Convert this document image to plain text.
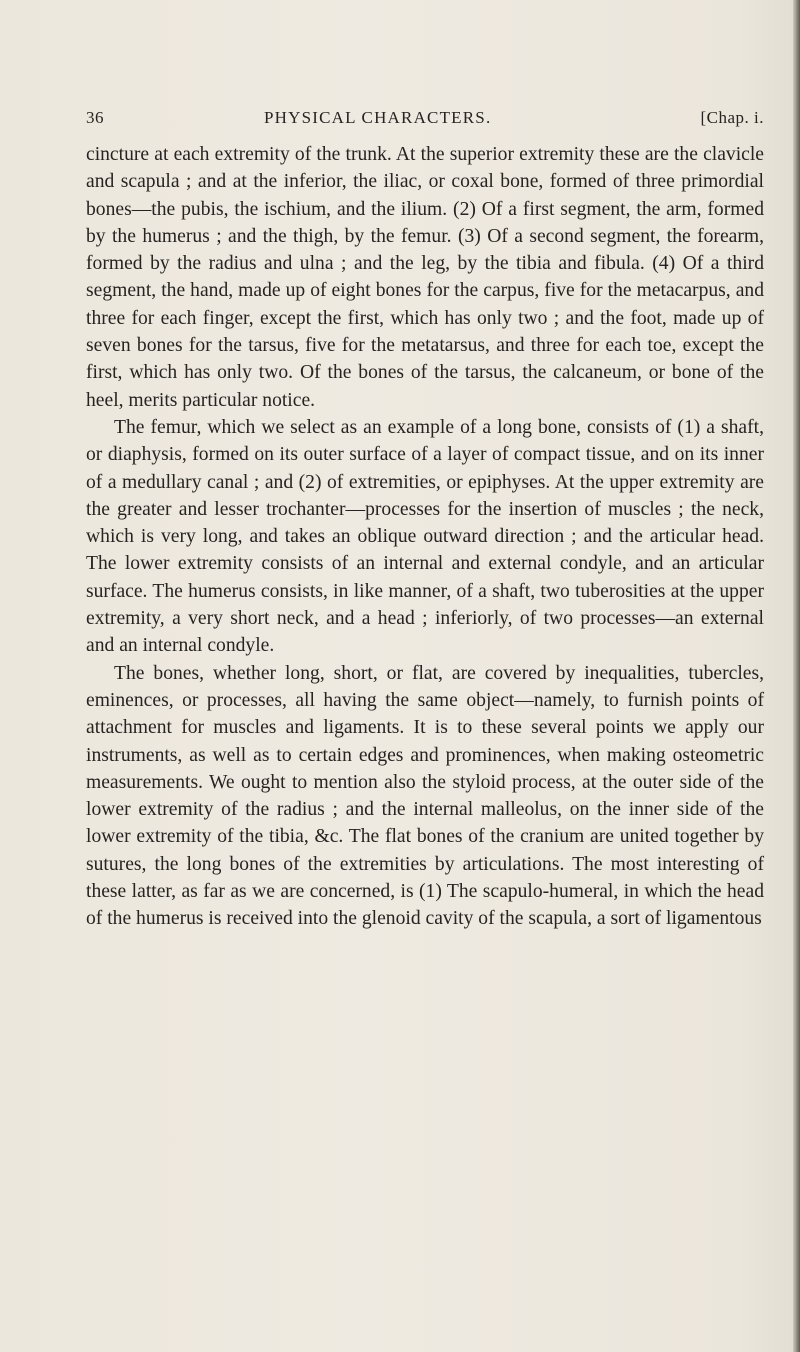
36	PHYSICAL CHARACTERS.	[Chap. i.

cincture at each extremity of the trunk. At the superior extremity these are the clavicle and scapula ; and at the inferior, the iliac, or coxal bone, formed of three primordial bones—the pubis, the ischium, and the ilium. (2) Of a first segment, the arm, formed by the humerus ; and the thigh, by the femur. (3) Of a second segment, the forearm, formed by the radius and ulna ; and the leg, by the tibia and fibula. (4) Of a third segment, the hand, made up of eight bones for the carpus, five for the metacarpus, and three for each finger, except the first, which has only two ; and the foot, made up of seven bones for the tarsus, five for the metatarsus, and three for each toe, except the first, which has only two. Of the bones of the tarsus, the calcaneum, or bone of the heel, merits particular notice.

The femur, which we select as an example of a long bone, consists of (1) a shaft, or diaphysis, formed on its outer surface of a layer of compact tissue, and on its inner of a medullary canal ; and (2) of extremities, or epiphyses. At the upper extremity are the greater and lesser trochanter—processes for the insertion of muscles ; the neck, which is very long, and takes an oblique outward direction ; and the articular head. The lower extremity consists of an internal and external condyle, and an articular surface. The humerus consists, in like manner, of a shaft, two tuberosities at the upper extremity, a very short neck, and a head ; inferiorly, of two processes—an external and an internal condyle.

The bones, whether long, short, or flat, are covered by inequalities, tubercles, eminences, or processes, all having the same object—namely, to furnish points of attachment for muscles and ligaments. It is to these several points we apply our instruments, as well as to certain edges and prominences, when making osteometric measurements. We ought to mention also the styloid process, at the outer side of the lower extremity of the radius ; and the internal malleolus, on the inner side of the lower extremity of the tibia, &c. The flat bones of the cranium are united together by sutures, the long bones of the extremities by articulations. The most interesting of these latter, as far as we are concerned, is (1) The scapulo-humeral, in which the head of the humerus is received into the glenoid cavity of the scapula, a sort of ligamentous
